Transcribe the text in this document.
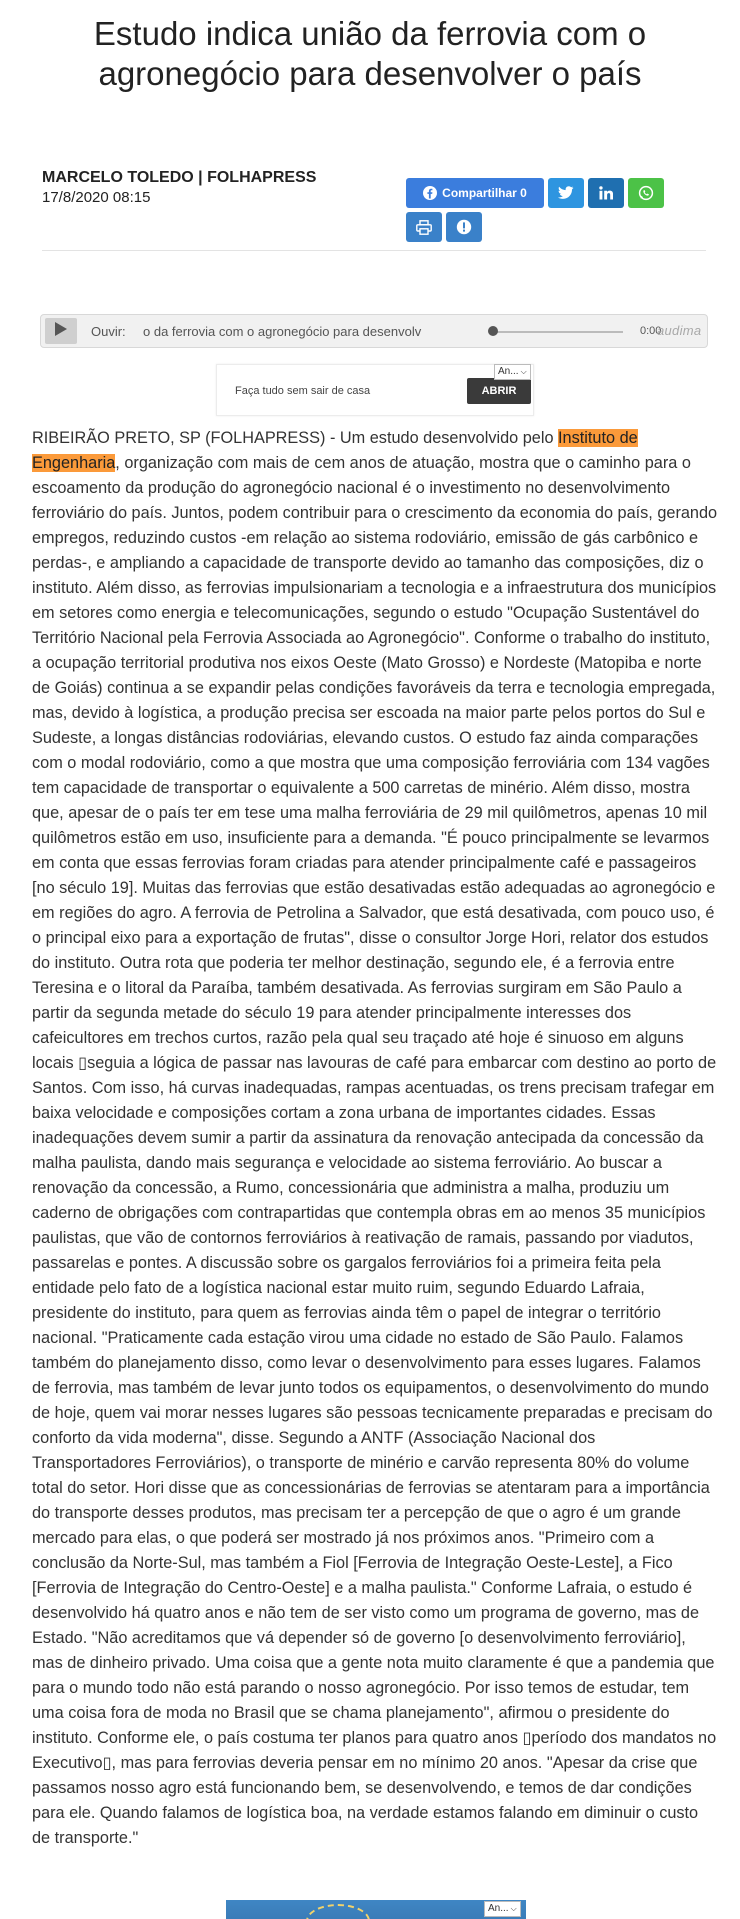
Estudo indica união da ferrovia com o
agronegócio para desenvolver o país
MARCELO TOLEDO | FOLHAPRESS
17/8/2020 08:15	Compartilhar 0
Ouvir: o da ferrovia com o agronegócio para desenvolv	0:00
audima
Faça tudo sem sair de casa	ABRIR
An... ⌵

RIBEIRÃO PRETO, SP (FOLHAPRESS) - Um estudo desenvolvido pelo Instituto de Engenharia, organização com mais de cem anos de atuação, mostra que o caminho para o escoamento da produção do agronegócio nacional é o investimento no desenvolvimento ferroviário do país. Juntos, podem contribuir para o crescimento da economia do país, gerando empregos, reduzindo custos -em relação ao sistema rodoviário, emissão de gás carbônico e perdas-, e ampliando a capacidade de transporte devido ao tamanho das composições, diz o instituto. Além disso, as ferrovias impulsionariam a tecnologia e a infraestrutura dos municípios em setores como energia e telecomunicações, segundo o estudo "Ocupação Sustentável do Território Nacional pela Ferrovia Associada ao Agronegócio". Conforme o trabalho do instituto, a ocupação territorial produtiva nos eixos Oeste (Mato Grosso) e Nordeste (Matopiba e norte de Goiás) continua a se expandir pelas condições favoráveis da terra e tecnologia empregada, mas, devido à logística, a produção precisa ser escoada na maior parte pelos portos do Sul e Sudeste, a longas distâncias rodoviárias, elevando custos. O estudo faz ainda comparações com o modal rodoviário, como a que mostra que uma composição ferroviária com 134 vagões tem capacidade de transportar o equivalente a 500 carretas de minério. Além disso, mostra que, apesar de o país ter em tese uma malha ferroviária de 29 mil quilômetros, apenas 10 mil quilômetros estão em uso, insuficiente para a demanda. "É pouco principalmente se levarmos em conta que essas ferrovias foram criadas para atender principalmente café e passageiros [no século 19]. Muitas das ferrovias que estão desativadas estão adequadas ao agronegócio e em regiões do agro. A ferrovia de Petrolina a Salvador, que está desativada, com pouco uso, é o principal eixo para a exportação de frutas", disse o consultor Jorge Hori, relator dos estudos do instituto. Outra rota que poderia ter melhor destinação, segundo ele, é a ferrovia entre Teresina e o litoral da Paraíba, também desativada. As ferrovias surgiram em São Paulo a partir da segunda metade do século 19 para atender principalmente interesses dos cafeicultores em trechos curtos, razão pela qual seu traçado até hoje é sinuoso em alguns locais ▯seguia a lógica de passar nas lavouras de café para embarcar com destino ao porto de Santos. Com isso, há curvas inadequadas, rampas acentuadas, os trens precisam trafegar em baixa velocidade e composições cortam a zona urbana de importantes cidades. Essas inadequações devem sumir a partir da assinatura da renovação antecipada da concessão da malha paulista, dando mais segurança e velocidade ao sistema ferroviário. Ao buscar a renovação da concessão, a Rumo, concessionária que administra a malha, produziu um caderno de obrigações com contrapartidas que contempla obras em ao menos 35 municípios paulistas, que vão de contornos ferroviários à reativação de ramais, passando por viadutos, passarelas e pontes. A discussão sobre os gargalos ferroviários foi a primeira feita pela entidade pelo fato de a logística nacional estar muito ruim, segundo Eduardo Lafraia, presidente do instituto, para quem as ferrovias ainda têm o papel de integrar o território nacional. "Praticamente cada estação virou uma cidade no estado de São Paulo. Falamos também do planejamento disso, como levar o desenvolvimento para esses lugares. Falamos de ferrovia, mas também de levar junto todos os equipamentos, o desenvolvimento do mundo de hoje, quem vai morar nesses lugares são pessoas tecnicamente preparadas e precisam do conforto da vida moderna", disse. Segundo a ANTF (Associação Nacional dos Transportadores Ferroviários), o transporte de minério e carvão representa 80% do volume total do setor. Hori disse que as concessionárias de ferrovias se atentaram para a importância do transporte desses produtos, mas precisam ter a percepção de que o agro é um grande mercado para elas, o que poderá ser mostrado já nos próximos anos. "Primeiro com a conclusão da Norte-Sul, mas também a Fiol [Ferrovia de Integração Oeste-Leste], a Fico [Ferrovia de Integração do Centro-Oeste] e a malha paulista." Conforme Lafraia, o estudo é desenvolvido há quatro anos e não tem de ser visto como um programa de governo, mas de Estado. "Não acreditamos que vá depender só de governo [o desenvolvimento ferroviário], mas de dinheiro privado. Uma coisa que a gente nota muito claramente é que a pandemia que para o mundo todo não está parando o nosso agronegócio. Por isso temos de estudar, tem uma coisa fora de moda no Brasil que se chama planejamento", afirmou o presidente do instituto. Conforme ele, o país costuma ter planos para quatro anos ▯período dos mandatos no Executivo▯, mas para ferrovias deveria pensar em no mínimo 20 anos. "Apesar da crise que passamos nosso agro está funcionando bem, se desenvolvendo, e temos de dar condições para ele. Quando falamos de logística boa, na verdade estamos falando em diminuir o custo de transporte."

An... ⌵
